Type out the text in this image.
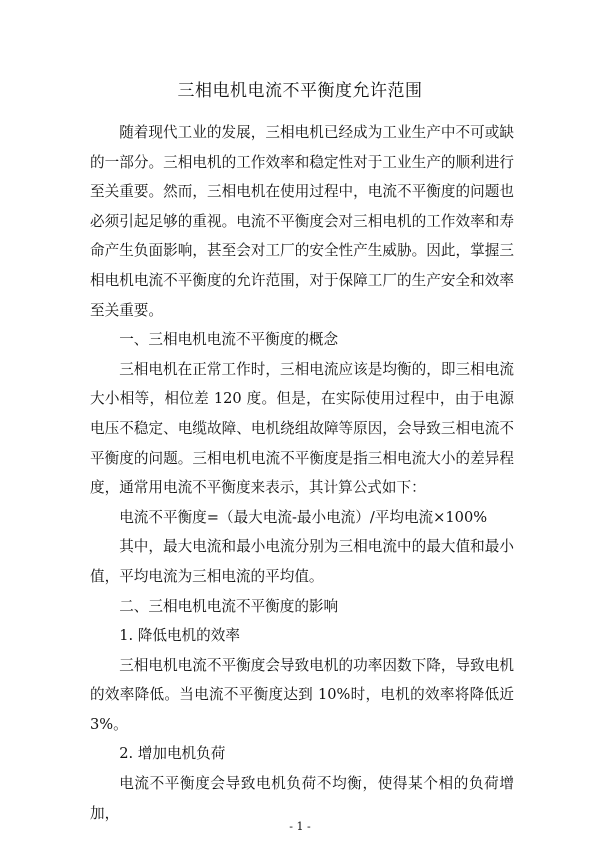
三相电机电流不平衡度允许范围

随着现代工业的发展，三相电机已经成为工业生产中不可或缺的一部分。三相电机的工作效率和稳定性对于工业生产的顺利进行至关重要。然而，三相电机在使用过程中，电流不平衡度的问题也必须引起足够的重视。电流不平衡度会对三相电机的工作效率和寿命产生负面影响，甚至会对工厂的安全性产生威胁。因此，掌握三相电机电流不平衡度的允许范围，对于保障工厂的生产安全和效率至关重要。

一、三相电机电流不平衡度的概念

三相电机在正常工作时，三相电流应该是均衡的，即三相电流大小相等，相位差 120 度。但是，在实际使用过程中，由于电源电压不稳定、电缆故障、电机绕组故障等原因，会导致三相电流不平衡度的问题。三相电机电流不平衡度是指三相电流大小的差异程度，通常用电流不平衡度来表示，其计算公式如下：

电流不平衡度=（最大电流-最小电流）/平均电流×100%

其中，最大电流和最小电流分别为三相电流中的最大值和最小值，平均电流为三相电流的平均值。

二、三相电机电流不平衡度的影响

1. 降低电机的效率

三相电机电流不平衡度会导致电机的功率因数下降，导致电机的效率降低。当电流不平衡度达到 10%时，电机的效率将降低近 3%。

2. 增加电机负荷

电流不平衡度会导致电机负荷不均衡，使得某个相的负荷增加，

- 1 -
